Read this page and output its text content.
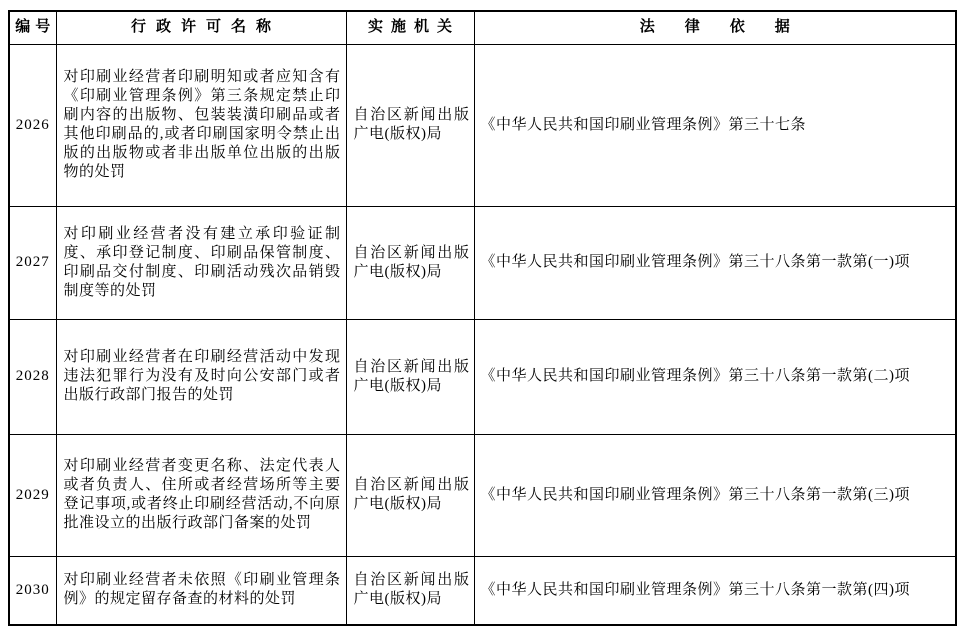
编号	行政许可名称	实施机关	法律依据
2026	对印刷业经营者印刷明知或者应知含有《印刷业管理条例》第三条规定禁止印刷内容的出版物、包装装潢印刷品或者其他印刷品的,或者印刷国家明令禁止出版的出版物或者非出版单位出版的出版物的处罚	自治区新闻出版广电(版权)局	《中华人民共和国印刷业管理条例》第三十七条
2027	对印刷业经营者没有建立承印验证制度、承印登记制度、印刷品保管制度、印刷品交付制度、印刷活动残次品销毁制度等的处罚	自治区新闻出版广电(版权)局	《中华人民共和国印刷业管理条例》第三十八条第一款第(一)项
2028	对印刷业经营者在印刷经营活动中发现违法犯罪行为没有及时向公安部门或者出版行政部门报告的处罚	自治区新闻出版广电(版权)局	《中华人民共和国印刷业管理条例》第三十八条第一款第(二)项
2029	对印刷业经营者变更名称、法定代表人或者负责人、住所或者经营场所等主要登记事项,或者终止印刷经营活动,不向原批准设立的出版行政部门备案的处罚	自治区新闻出版广电(版权)局	《中华人民共和国印刷业管理条例》第三十八条第一款第(三)项
2030	对印刷业经营者未依照《印刷业管理条例》的规定留存备查的材料的处罚	自治区新闻出版广电(版权)局	《中华人民共和国印刷业管理条例》第三十八条第一款第(四)项
